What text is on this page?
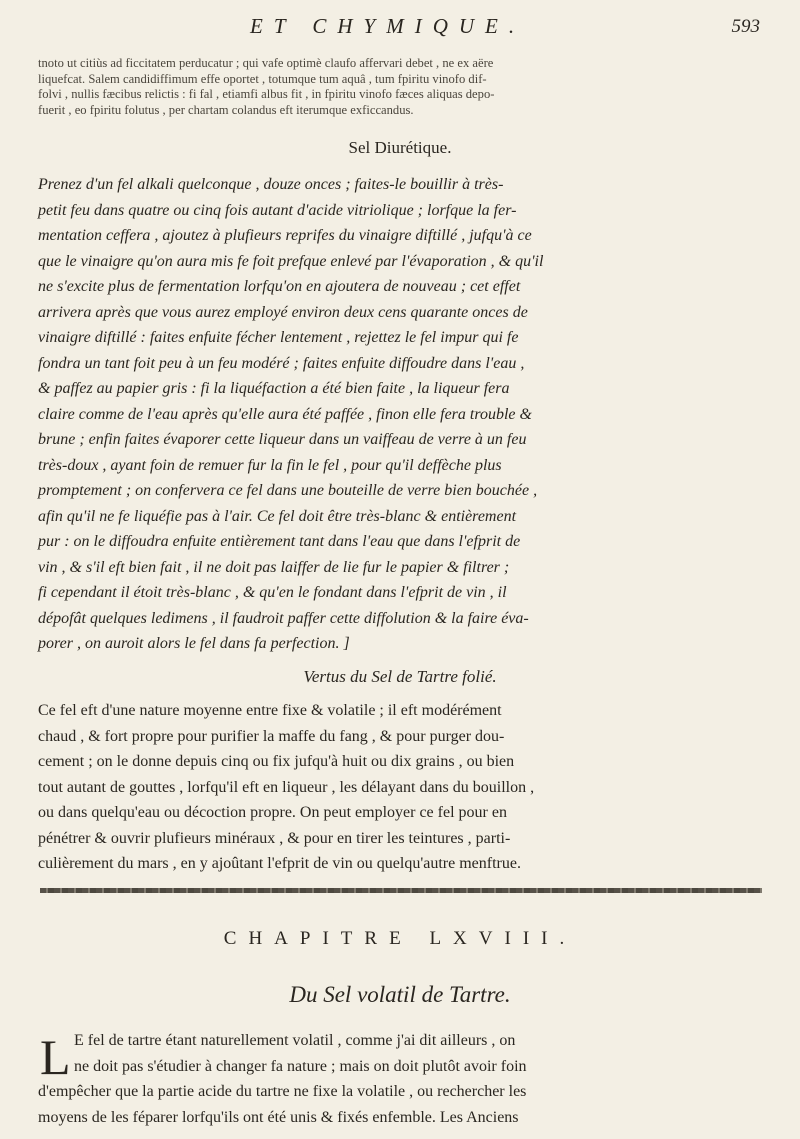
ET CHYMIQUE.	593
tnoto ut citiùs ad ficcitatem perducatur ; qui vafe optimè claufo affervari debet , ne ex aëre
liquefcat. Salem candidiffimum effe oportet , totumque tum aquâ , tum fpiritu vinofo dif-
folvi , nullis fæcibus relictis : fi fal , etiamfi albus fit , in fpiritu vinofo fæces aliquas depo-
fuerit , eo fpiritu folutus , per chartam colandus eft iterumque exficcandus.
Sel Diurétique.
Prenez d'un fel alkali quelconque , douze onces ; faites-le bouillir à très-
petit feu dans quatre ou cinq fois autant d'acide vitriolique ; lorfque la fer-
mentation ceffera , ajoutez à plufieurs reprifes du vinaigre diftillé , jufqu'à ce
que le vinaigre qu'on aura mis fe foit prefque enlevé par l'évaporation , & qu'il
ne s'excite plus de fermentation lorfqu'on en ajoutera de nouveau ; cet effet
arrivera après que vous aurez employé environ deux cens quarante onces de
vinaigre diftillé : faites enfuite fécher lentement , rejettez le fel impur qui fe
fondra un tant foit peu à un feu modéré ; faites enfuite diffoudre dans l'eau ,
& paffez au papier gris : fi la liquéfaction a été bien faite , la liqueur fera
claire comme de l'eau après qu'elle aura été paffée , finon elle fera trouble &
brune ; enfin faites évaporer cette liqueur dans un vaiffeau de verre à un feu
très-doux , ayant foin de remuer fur la fin le fel , pour qu'il deffèche plus
promptement ; on confervera ce fel dans une bouteille de verre bien bouchée ,
afin qu'il ne fe liquéfie pas à l'air. Ce fel doit être très-blanc & entièrement
pur : on le diffoudra enfuite entièrement tant dans l'eau que dans l'efprit de
vin , & s'il eft bien fait , il ne doit pas laiffer de lie fur le papier & filtrer ;
fi cependant il étoit très-blanc , & qu'en le fondant dans l'efprit de vin , il
dépofât quelques ledimens , il faudroit paffer cette diffolution & la faire éva-
porer , on auroit alors le fel dans fa perfection. ]
Vertus du Sel de Tartre folié.
Ce fel eft d'une nature moyenne entre fixe & volatile ; il eft modérément
chaud , & fort propre pour purifier la maffe du fang , & pour purger dou-
cement ; on le donne depuis cinq ou fix jufqu'à huit ou dix grains , ou bien
tout autant de gouttes , lorfqu'il eft en liqueur , les délayant dans du bouillon ,
ou dans quelqu'eau ou décoction propre. On peut employer ce fel pour en
pénétrer & ouvrir plufieurs minéraux , & pour en tirer les teintures , parti-
culièrement du mars , en y ajoûtant l'efprit de vin ou quelqu'autre menftrue.
CHAPITRE LXVIII.
Du Sel volatil de Tartre.
L E fel de tartre étant naturellement volatil , comme j'ai dit ailleurs , on
ne doit pas s'étudier à changer fa nature ; mais on doit plutôt avoir foin
d'empêcher que la partie acide du tartre ne fixe la volatile , ou rechercher les
moyens de les féparer lorfqu'ils ont été unis & fixés enfemble. Les Anciens
